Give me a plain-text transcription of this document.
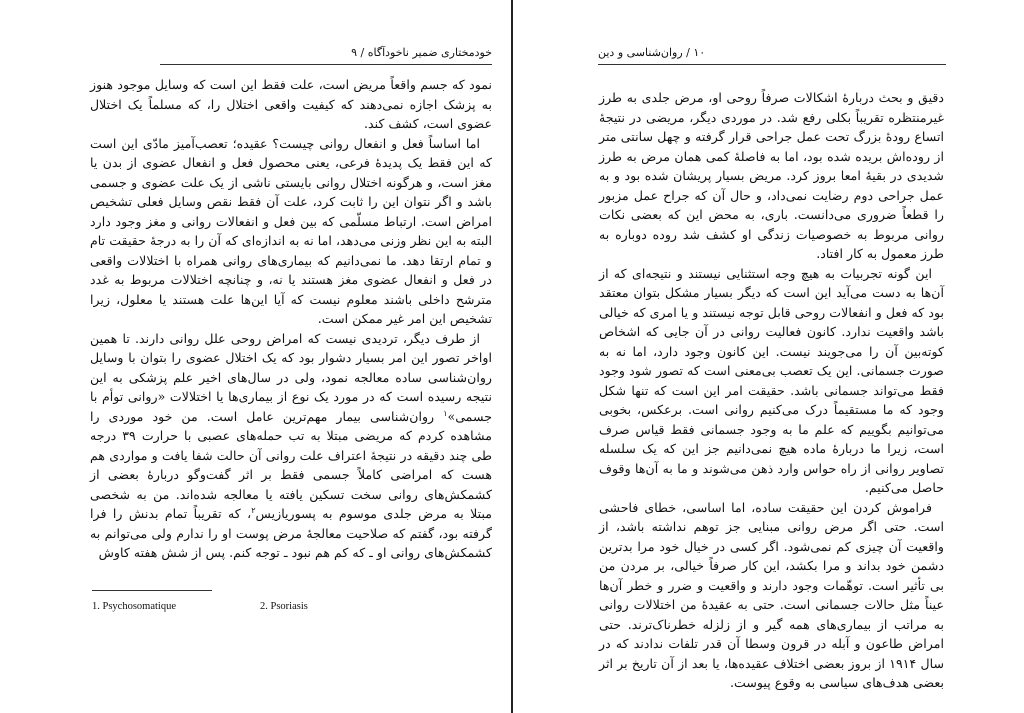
خودمختاری ضمیر ناخودآگاه / ۹

نمود که جسم واقعاً مریض است، علت فقط این است که وسایل موجود هنوز به پزشک اجازه نمی‌دهند که کیفیت واقعی اختلال را، که مسلماً یک اختلال عضوی است، کشف کند.

اما اساساً فعل و انفعال روانی چیست؟ عقیده؛ تعصب‌آمیز مادّی این است که این فقط یک پدیدهٔ فرعی، یعنی محصول فعل و انفعال عضوی از بدن یا مغز است، و هرگونه اختلال روانی بایستی ناشی از یک علت عضوی و جسمی باشد و اگر نتوان این را ثابت کرد، علت آن فقط نقص وسایل فعلی تشخیص امراض است. ارتباط مسلّمی که بین فعل و انفعالات روانی و مغز وجود دارد البته به این نظر وزنی می‌دهد، اما نه به اندازه‌ای که آن را به درجهٔ حقیقت تام و تمام ارتقا دهد. ما نمی‌دانیم که بیماری‌های روانی همراه با اختلالات واقعی در فعل و انفعال عضوی مغز هستند یا نه، و چنانچه اختلالات مربوط به غدد مترشح داخلی باشند معلوم نیست که آیا این‌ها علت هستند یا معلول، زیرا تشخیص این امر غیر ممکن است.

از طرف دیگر، تردیدی نیست که امراض روحی علل روانی دارند. تا همین اواخر تصور این امر بسیار دشوار بود که یک اختلال عضوی را بتوان با وسایل روان‌شناسی ساده معالجه نمود، ولی در سال‌های اخیر علم پزشکی به این نتیجه رسیده است که در مورد یک نوع از بیماری‌ها یا اختلالات «روانی توأم با جسمی»$^۱$ روان‌شناسی بیمار مهم‌ترین عامل است. من خود موردی را مشاهده کردم که مریضی مبتلا به تب حمله‌های عصبی با حرارت ۳۹ درجه طی چند دقیقه در نتیجهٔ اعتراف علت روانی آن حالت شفا یافت و مواردی هم هست که امراضی کاملاً جسمی فقط بر اثر گفت‌وگو دربارهٔ بعضی از کشمکش‌های روانی سخت تسکین یافته یا معالجه شده‌اند. من به شخصی مبتلا به مرض جلدی موسوم به پسوریازیس$^۲$، که تقریباً تمام بدنش را فرا گرفته بود، گفتم که صلاحیت معالجهٔ مرض پوست او را ندارم ولی می‌توانم به کشمکش‌های روانی او ـ که کم هم نبود ـ توجه کنم. پس از شش هفته کاوش

1. Psychosomatique	2. Psoriasis
۱۰ / روان‌شناسی و دین

دقیق و بحث دربارهٔ اشکالات صرفاً روحی او، مرض جلدی به طرز غیرمنتظره تقریباً بکلی رفع شد. در موردی دیگر، مریضی در نتیجهٔ اتساع رودهٔ بزرگ تحت عمل جراحی قرار گرفته و چهل سانتی متر از روده‌اش بریده شده بود، اما به فاصلهٔ کمی همان مرض به طرز شدیدی در بقیهٔ امعا بروز کرد. مریض بسیار پریشان شده بود و به عمل جراحی دوم رضایت نمی‌داد، و حال آن که جراح عمل مزبور را قطعاً ضروری می‌دانست. باری، به محض این که بعضی نکات روانی مربوط به خصوصیات زندگی او کشف شد روده دوباره به طرز معمول به کار افتاد.

این گونه تجربیات به هیچ وجه استثنایی نیستند و نتیجه‌ای که از آن‌ها به دست می‌آید این است که دیگر بسیار مشکل بتوان معتقد بود که فعل و انفعالات روحی قابل توجه نیستند و یا امری که خیالی باشد واقعیت ندارد. کانون فعالیت روانی در آن جایی که اشخاص کوته‌بین آن را می‌جویند نیست. این کانون وجود دارد، اما نه به صورت جسمانی. این یک تعصب بی‌معنی است که تصور شود وجود فقط می‌تواند جسمانی باشد. حقیقت امر این است که تنها شکل وجود که ما مستقیماً درک می‌کنیم روانی است. برعکس، بخوبی می‌توانیم بگوییم که علم ما به وجود جسمانی فقط قیاس صرف است، زیرا ما دربارهٔ ماده هیچ نمی‌دانیم جز این که یک سلسله تصاویر روانی از راه حواس وارد ذهن می‌شوند و ما به آن‌ها وقوف حاصل می‌کنیم.

فراموش کردن این حقیقت ساده، اما اساسی، خطای فاحشی است. حتی اگر مرض روانی مبنایی جز توهم نداشته باشد، از واقعیت آن چیزی کم نمی‌شود. اگر کسی در خیال خود مرا بدترین دشمن خود بداند و مرا بکشد، این کار صرفاً خیالی، بر مردن من بی تأثیر است. توهّمات وجود دارند و واقعیت و ضرر و خطر آن‌ها عیناً مثل حالات جسمانی است. حتی به عقیدهٔ من اختلالات روانی به مراتب از بیماری‌های همه گیر و از زلزله خطرناک‌ترند. حتی امراض طاعون و آبله در قرون وسطا آن قدر تلفات ندادند که در سال ۱۹۱۴ از بروز بعضی اختلاف عقیده‌ها، یا بعد از آن تاریخ بر اثر بعضی هدف‌های سیاسی به وقوع پیوست.
